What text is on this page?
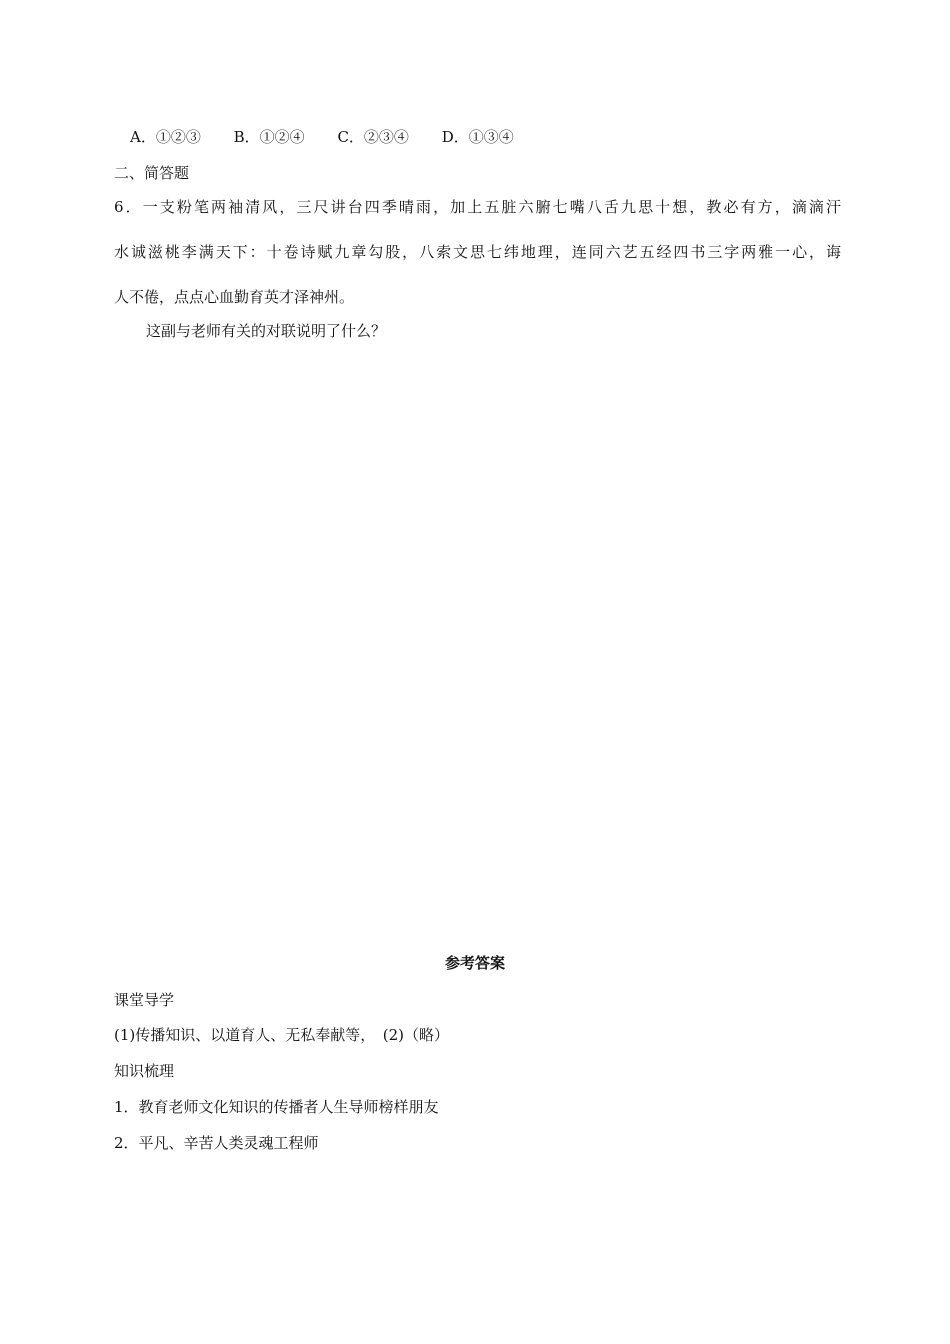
A．①②③ B．①②④ C．②③④ D．①③④
二、简答题
6．一支粉笔两袖清风，三尺讲台四季晴雨，加上五脏六腑七嘴八舌九思十想，教必有方，滴滴汗
水诚滋桃李满天下：十卷诗赋九章勾股，八索文思七纬地理，连同六艺五经四书三字两雅一心，诲
人不倦，点点心血勤育英才泽神州。
这副与老师有关的对联说明了什么？
参考答案
课堂导学
(1)传播知识、以道育人、无私奉献等，　(2)（略）
知识梳理
1．教育老师文化知识的传播者人生导师榜样朋友
2．平凡、辛苦人类灵魂工程师
